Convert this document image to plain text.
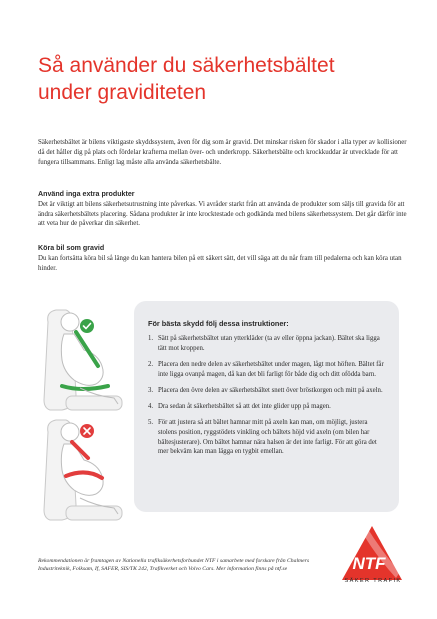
Så använder du säkerhetsbältet
under graviditeten
Säkerhetsbältet är bilens viktigaste skyddssystem, även för dig som är gravid. Det minskar risken för skador i alla typer av kollisioner då det håller dig på plats och fördelar krafterna mellan över- och underkropp. Säkerhetsbälte och krockkuddar är utvecklade för att fungera tillsammans. Enligt lag måste alla använda säkerhetsbälte.
Använd inga extra produkter

Det är viktigt att bilens säkerhetsutrustning inte påverkas. Vi avråder starkt från att använda de produkter som säljs till gravida för att ändra säkerhetsbältets placering. Sådana produkter är inte krocktestade och godkända med bilens säkerhetssystem. Det går därför inte att veta hur de påverkar din säkerhet.

Köra bil som gravid

Du kan fortsätta köra bil så länge du kan hantera bilen på ett säkert sätt, det vill säga att du når fram till pedalerna och kan köra utan hinder.

För bästa skydd följ dessa instruktioner:
1. Sätt på säkerhetsbältet utan ytterkläder (ta av eller öppna jackan). Bältet ska ligga tätt mot kroppen.
2. Placera den nedre delen av säkerhetsbältet under magen, lågt mot höften. Bältet får inte ligga ovanpå magen, då kan det bli farligt för både dig och ditt ofödda barn.
3. Placera den övre delen av säkerhetsbältet snett över bröstkorgen och mitt på axeln.
4. Dra sedan åt säkerhetsbältet så att det inte glider upp på magen.
5. För att justera så att bältet hamnar mitt på axeln kan man, om möjligt, justera stolens position, ryggstödets vinkling och bältets höjd vid axeln (om bilen har bältesjusterare). Om bältet hamnar nära halsen är det inte farligt. För att göra det mer bekväm kan man lägga en tygbit emellan.
Rekommendationen är framtagen av Nationella trafiksäkerhetsforbundet NTF i samarbete med forskare från Chalmers Industriteknik, Folksam, If, SAFER, SIS/TK 242, Trafikverket och Volvo Cars. Mer information finns på ntf.se	NTF
SÄKER TRAFIK
